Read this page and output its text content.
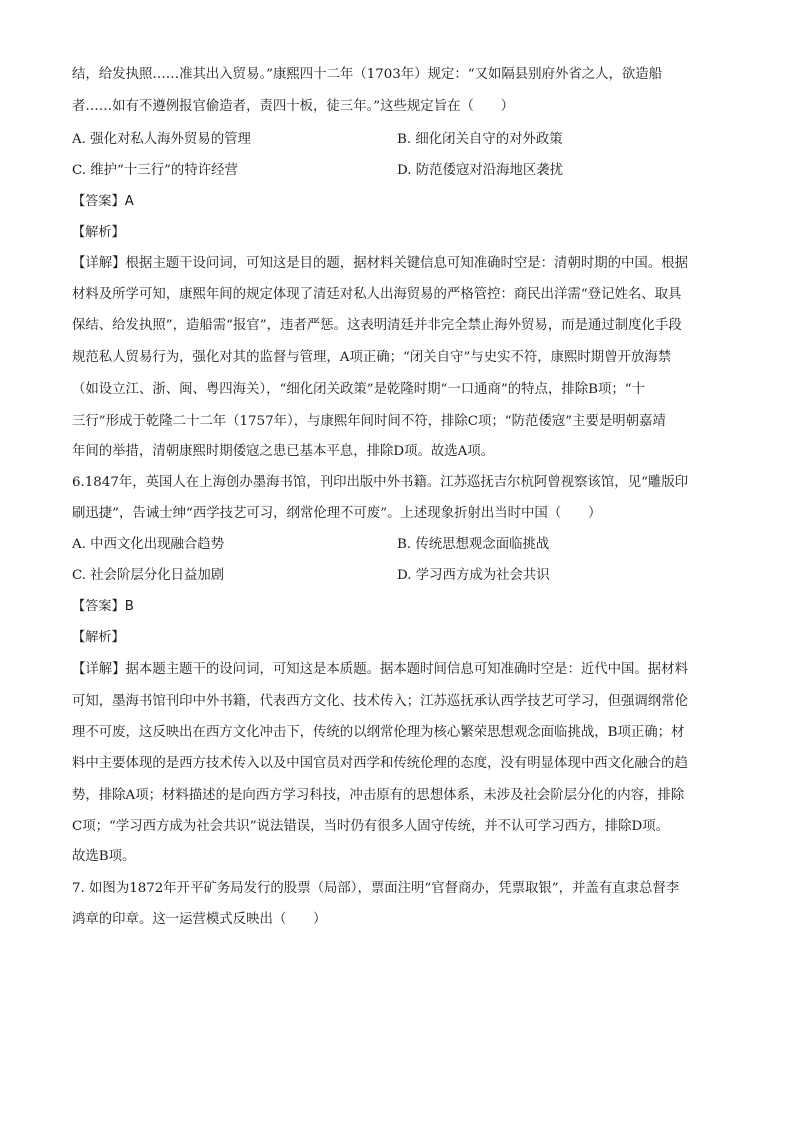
结，给发执照……准其出入贸易。”康熙四十二年（1703年）规定：“又如隔县别府外省之人，欲造船
者……如有不遵例报官偷造者，责四十板，徒三年。”这些规定旨在（　　）
A. 强化对私人海外贸易的管理	B. 细化闭关自守的对外政策
C. 维护“十三行”的特许经营	D. 防范倭寇对沿海地区袭扰
【答案】A
【解析】
【详解】根据主题干设问词，可知这是目的题，据材料关键信息可知准确时空是：清朝时期的中国。根据
材料及所学可知，康熙年间的规定体现了清廷对私人出海贸易的严格管控：商民出洋需“登记姓名、取具
保结、给发执照”，造船需“报官”，违者严惩。这表明清廷并非完全禁止海外贸易，而是通过制度化手段
规范私人贸易行为，强化对其的监督与管理，A项正确；“闭关自守”与史实不符，康熙时期曾开放海禁
（如设立江、浙、闽、粤四海关），“细化闭关政策”是乾隆时期“一口通商”的特点，排除B项；“十
三行”形成于乾隆二十二年（1757年），与康熙年间时间不符，排除C项；“防范倭寇”主要是明朝嘉靖
年间的举措，清朝康熙时期倭寇之患已基本平息，排除D项。故选A项。
6.1847年，英国人在上海创办墨海书馆，刊印出版中外书籍。江苏巡抚吉尔杭阿曾视察该馆，见“雕版印
刷迅捷”，告诫士绅“西学技艺可习，纲常伦理不可废”。上述现象折射出当时中国（　　）
A. 中西文化出现融合趋势	B. 传统思想观念面临挑战
C. 社会阶层分化日益加剧	D. 学习西方成为社会共识
【答案】B
【解析】
【详解】据本题主题干的设问词，可知这是本质题。据本题时间信息可知准确时空是：近代中国。据材料
可知，墨海书馆刊印中外书籍，代表西方文化、技术传入；江苏巡抚承认西学技艺可学习，但强调纲常伦
理不可废，这反映出在西方文化冲击下，传统的以纲常伦理为核心繁荣思想观念面临挑战，B项正确；材
料中主要体现的是西方技术传入以及中国官员对西学和传统伦理的态度，没有明显体现中西文化融合的趋
势，排除A项；材料描述的是向西方学习科技，冲击原有的思想体系，未涉及社会阶层分化的内容，排除
C项；“学习西方成为社会共识”说法错误，当时仍有很多人固守传统，并不认可学习西方，排除D项。
故选B项。
7. 如图为1872年开平矿务局发行的股票（局部），票面注明“官督商办，凭票取银”，并盖有直隶总督李
鸿章的印章。这一运营模式反映出（　　）
